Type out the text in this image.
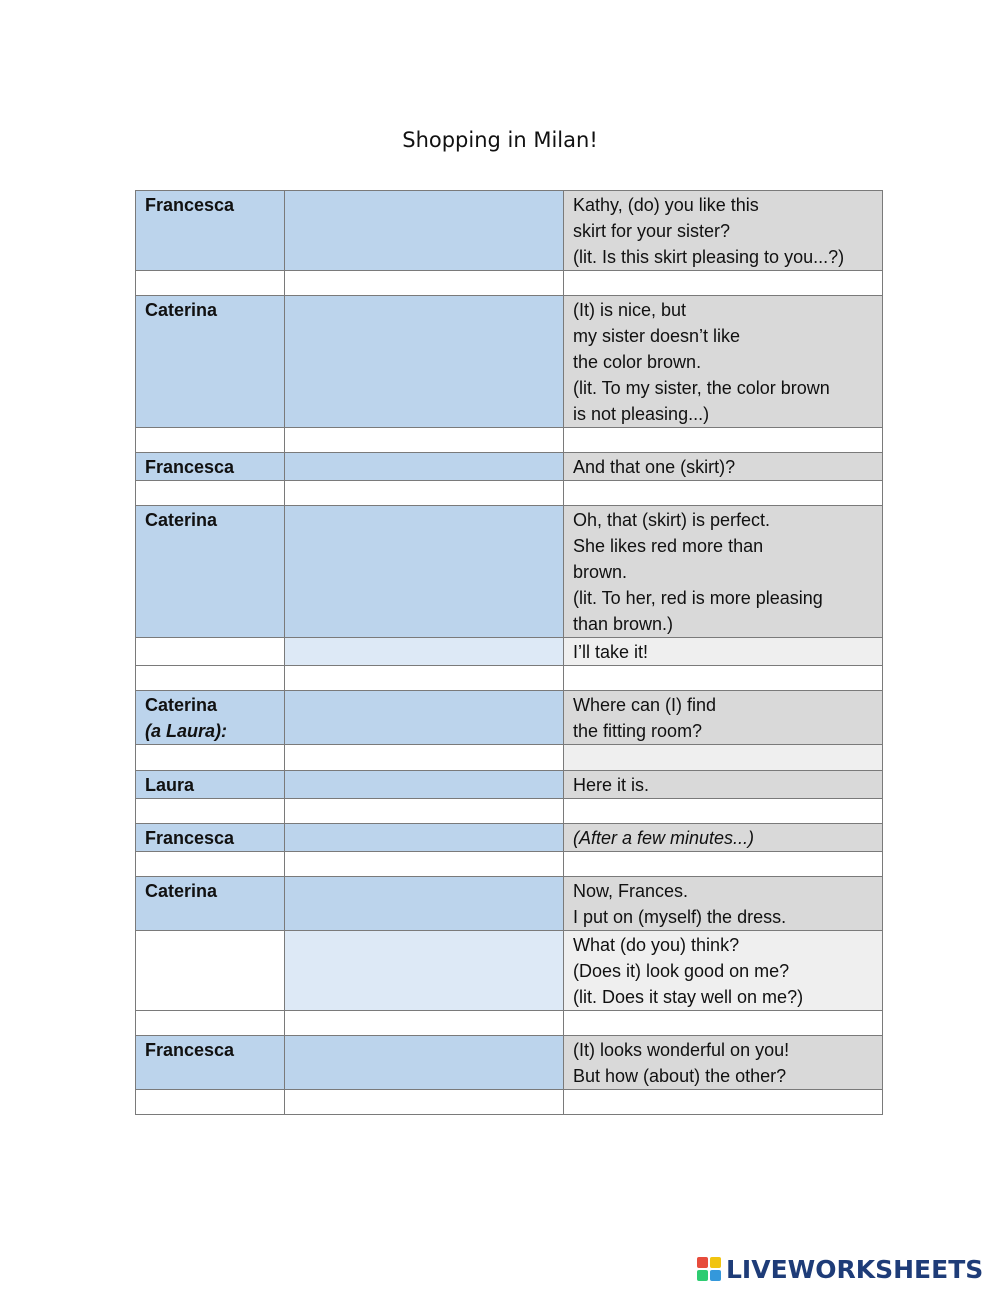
Shopping in Milan!
Francesca		Kathy, (do) you like this
skirt for your sister?
(lit. Is this skirt pleasing to you...?)

Caterina		(It) is nice, but
my sister doesn’t like
the color brown.
(lit. To my sister, the color brown
is not pleasing...)

Francesca		And that one (skirt)?

Caterina		Oh, that (skirt) is perfect.
She likes red more than
brown.
(lit. To her, red is more pleasing
than brown.)

		I’ll take it!

Caterina
(a Laura):		Where can (I) find
the fitting room?

Laura		Here it is.

Francesca		(After a few minutes...)

Caterina		Now, Frances.
I put on (myself) the dress.

		What (do you) think?
(Does it) look good on me?
(lit. Does it stay well on me?)

Francesca		(It) looks wonderful on you!
But how (about) the other?

LIVEWORKSHEETS
